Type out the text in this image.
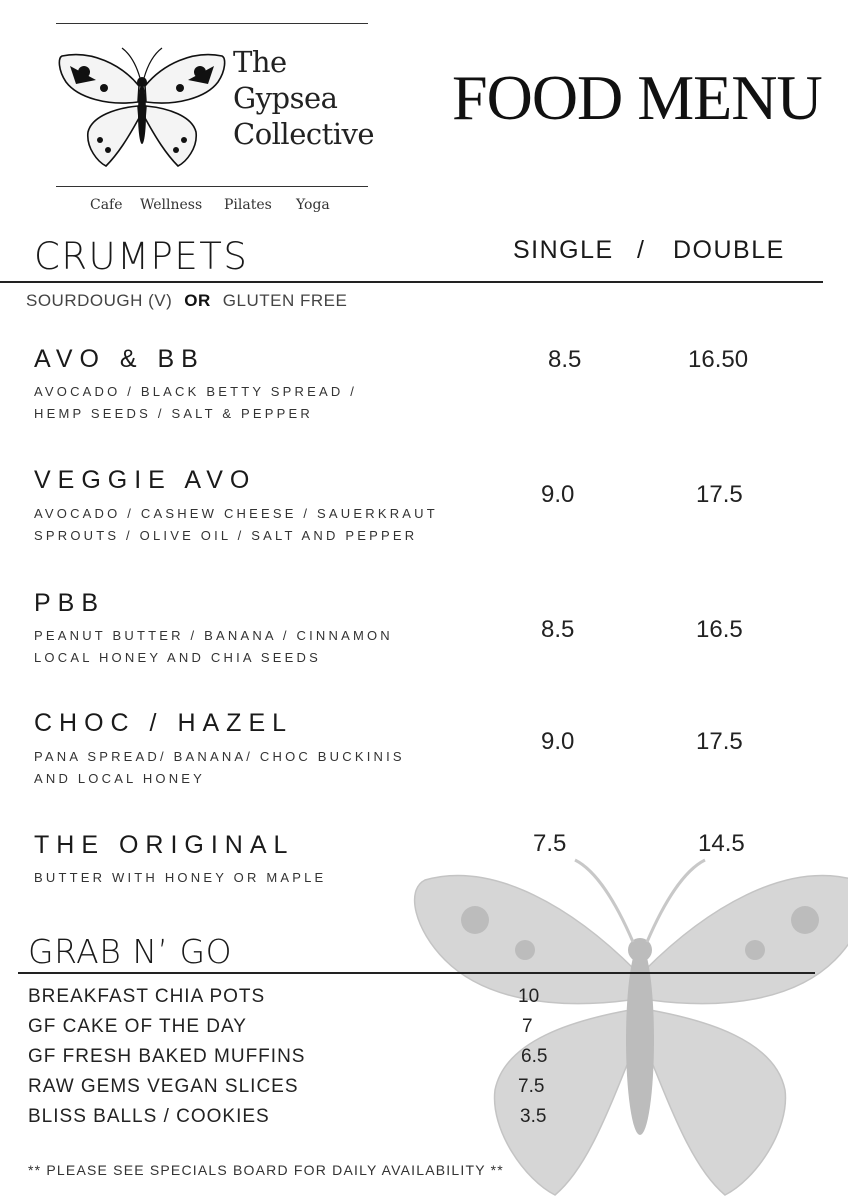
The
Gypsea
Collective
Cafe Wellness Pilates Yoga
FOOD MENU
CRUMPETS	SINGLE / DOUBLE
SOURDOUGH (V) OR GLUTEN FREE
AVO & BB
AVOCADO / BLACK BETTY SPREAD /
HEMP SEEDS / SALT & PEPPER
8.5	16.50
VEGGIE AVO
AVOCADO / CASHEW CHEESE / SAUERKRAUT
SPROUTS / OLIVE OIL / SALT AND PEPPER
9.0	17.5
PBB
PEANUT BUTTER / BANANA / CINNAMON
LOCAL HONEY AND CHIA SEEDS
8.5	16.5
CHOC / HAZEL
PANA SPREAD/ BANANA/ CHOC BUCKINIS
AND LOCAL HONEY
9.0	17.5
THE ORIGINAL
BUTTER WITH HONEY OR MAPLE
7.5	14.5
GRAB N’ GO
BREAKFAST CHIA POTS	10
GF CAKE OF THE DAY	7
GF FRESH BAKED MUFFINS	6.5
RAW GEMS VEGAN SLICES	7.5
BLISS BALLS / COOKIES	3.5
** PLEASE SEE SPECIALS BOARD FOR DAILY AVAILABILITY **
